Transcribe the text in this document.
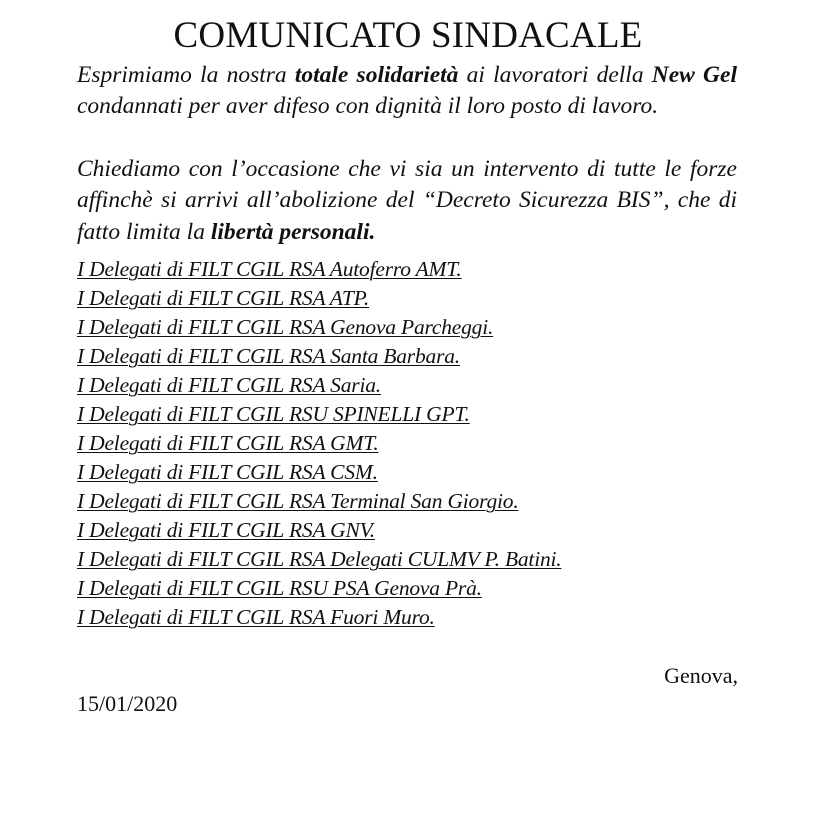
COMUNICATO SINDACALE

Esprimiamo la nostra totale solidarietà ai lavoratori della New Gel condannati per aver difeso con dignità il loro posto di lavoro.

Chiediamo con l’occasione che vi sia un intervento di tutte le forze affinchè si arrivi all’abolizione del “Decreto Sicurezza BIS”, che di fatto limita la libertà personali.

I Delegati di FILT CGIL RSA Autoferro AMT.
I Delegati di FILT CGIL RSA ATP.
I Delegati di FILT CGIL RSA Genova Parcheggi.
I Delegati di FILT CGIL RSA Santa Barbara.
I Delegati di FILT CGIL RSA Saria.
I Delegati di FILT CGIL RSU SPINELLI GPT.
I Delegati di FILT CGIL RSA GMT.
I Delegati di FILT CGIL RSA CSM.
I Delegati di FILT CGIL RSA Terminal San Giorgio.
I Delegati di FILT CGIL RSA GNV.
I Delegati di FILT CGIL RSA Delegati CULMV P. Batini.
I Delegati di FILT CGIL RSU PSA Genova Prà.
I Delegati di FILT CGIL RSA Fuori Muro.
Genova,
15/01/2020
